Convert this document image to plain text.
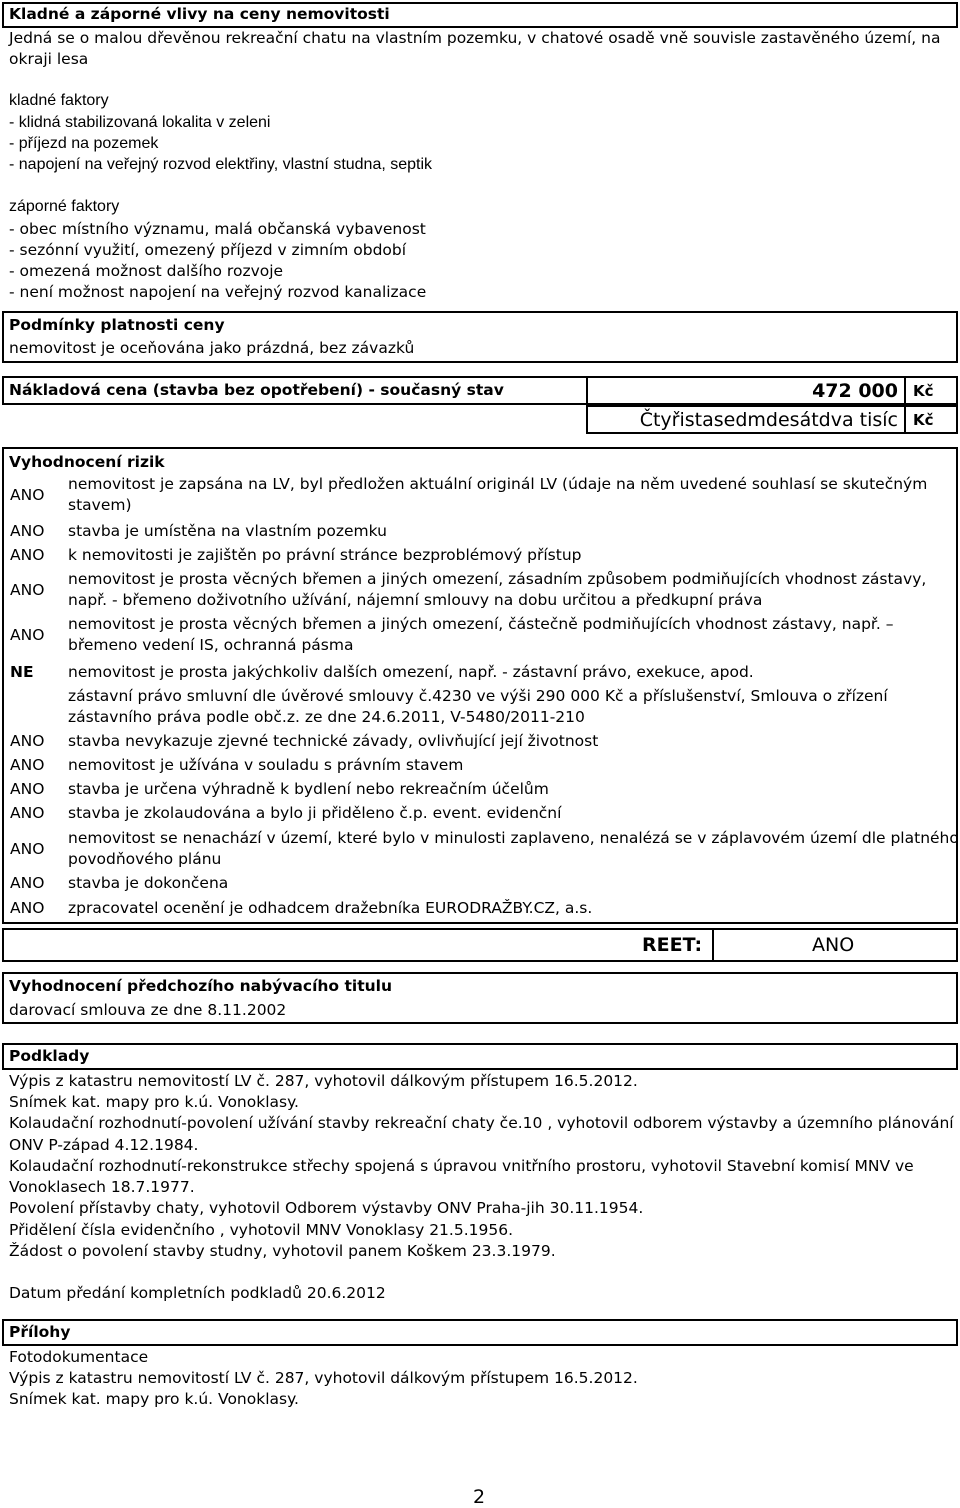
Kladné a záporné vlivy na ceny nemovitosti
Jedná se o malou dřevěnou rekreační chatu na vlastním pozemku, v chatové osadě vně souvisle zastavěného území, na
okraji lesa
kladné faktory
- klidná stabilizovaná lokalita v zeleni
- příjezd na pozemek
- napojení na veřejný rozvod elektřiny, vlastní studna, septik
záporné faktory
- obec místního významu, malá občanská vybavenost
- sezónní využití, omezený příjezd v zimním období
- omezená možnost dalšího rozvoje
- není možnost napojení na veřejný rozvod kanalizace
Podmínky platnosti ceny
nemovitost je oceňována jako prázdná, bez závazků
Nákladová cena (stavba bez opotřebení) - současný stav	472 000 Kč
Čtyřistasedmdesátdva tisíc Kč
Vyhodnocení rizik
ANO
nemovitost je zapsána na LV, byl předložen aktuální originál LV (údaje na něm uvedené souhlasí se skutečným
stavem)
ANO	stavba je umístěna na vlastním pozemku
ANO	k nemovitosti je zajištěn po právní stránce bezproblémový přístup
ANO
nemovitost je prosta věcných břemen a jiných omezení, zásadním způsobem podmiňujících vhodnost zástavy,
např. - břemeno doživotního užívání, nájemní smlouvy na dobu určitou a předkupní práva
ANO
nemovitost je prosta věcných břemen a jiných omezení, částečně podmiňujících vhodnost zástavy, např. –
břemeno vedení IS, ochranná pásma
NE	nemovitost je prosta jakýchkoliv dalších omezení, např. - zástavní právo, exekuce, apod.
zástavní právo smluvní dle úvěrové smlouvy č.4230 ve výši 290 000 Kč a příslušenství, Smlouva o zřízení
zástavního práva podle obč.z. ze dne 24.6.2011, V-5480/2011-210
ANO	stavba nevykazuje zjevné technické závady, ovlivňující její životnost
ANO	nemovitost je užívána v souladu s právním stavem
ANO	stavba je určena výhradně k bydlení nebo rekreačním účelům
ANO	stavba je zkolaudována a bylo ji přiděleno č.p. event. evidenční
ANO
nemovitost se nenachází v území, které bylo v minulosti zaplaveno, nenalézá se v záplavovém území dle platného
povodňového plánu
ANO	stavba je dokončena
ANO	zpracovatel ocenění je odhadcem dražebníka EURODRAŽBY.CZ, a.s.
REET:	ANO
Vyhodnocení předchozího nabývacího titulu
darovací smlouva ze dne 8.11.2002
Podklady
Výpis z katastru nemovitostí LV č. 287, vyhotovil dálkovým přístupem 16.5.2012.
Snímek kat. mapy pro k.ú. Vonoklasy.
Kolaudační rozhodnutí-povolení užívání stavby rekreační chaty če.10 , vyhotovil odborem výstavby a územního plánování
ONV P-západ 4.12.1984.
Kolaudační rozhodnutí-rekonstrukce střechy spojená s úpravou vnitřního prostoru, vyhotovil Stavební komisí MNV ve
Vonoklasech 18.7.1977.
Povolení přístavby chaty, vyhotovil Odborem výstavby ONV Praha-jih 30.11.1954.
Přidělení čísla evidenčního , vyhotovil MNV Vonoklasy 21.5.1956.
Žádost o povolení stavby studny, vyhotovil panem Koškem 23.3.1979.
Datum předání kompletních podkladů 20.6.2012
Přílohy
Fotodokumentace
Výpis z katastru nemovitostí LV č. 287, vyhotovil dálkovým přístupem 16.5.2012.
Snímek kat. mapy pro k.ú. Vonoklasy.
2
